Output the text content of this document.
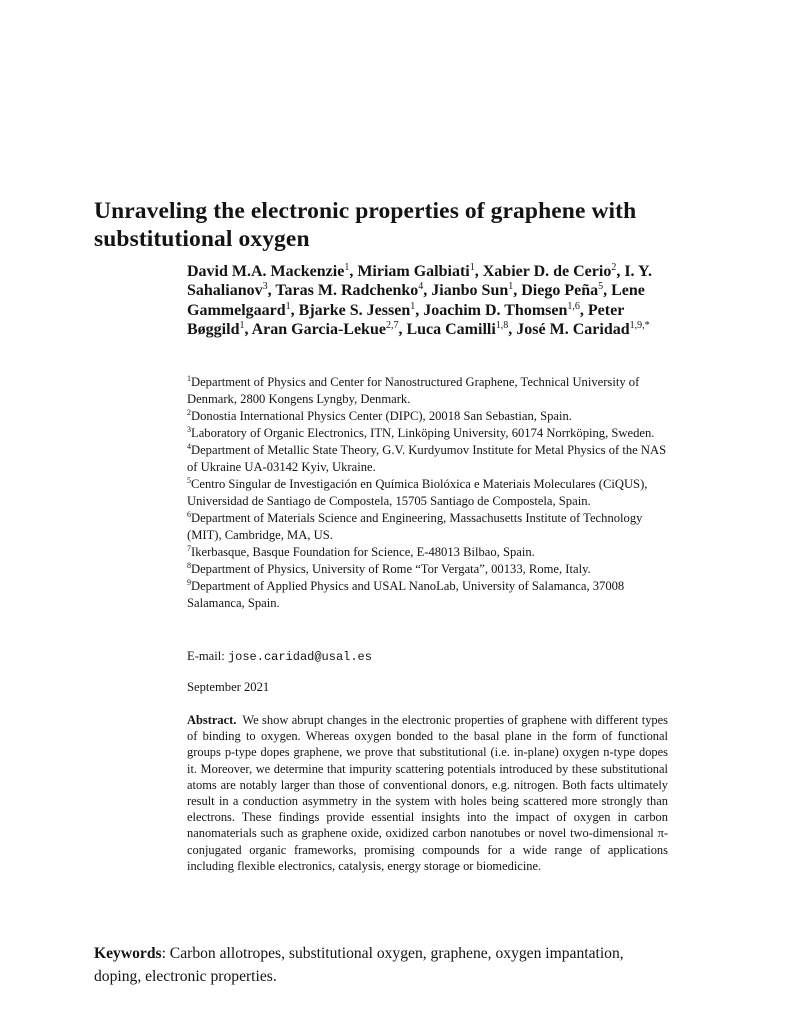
Unraveling the electronic properties of graphene with substitutional oxygen
David M.A. Mackenzie$^1$, Miriam Galbiati$^1$, Xabier D. de Cerio$^2$, I. Y. Sahalianov$^3$, Taras M. Radchenko$^4$, Jianbo Sun$^1$, Diego Peña$^5$, Lene Gammelgaard$^1$, Bjarke S. Jessen$^1$, Joachim D. Thomsen$^{1,6}$, Peter Bøggild$^1$, Aran Garcia-Lekue$^{2,7}$, Luca Camilli$^{1,8}$, José M. Caridad$^{1,9,*}$
$^1$Department of Physics and Center for Nanostructured Graphene, Technical University of Denmark, 2800 Kongens Lyngby, Denmark.
$^2$Donostia International Physics Center (DIPC), 20018 San Sebastian, Spain.
$^3$Laboratory of Organic Electronics, ITN, Linköping University, 60174 Norrköping, Sweden.
$^4$Department of Metallic State Theory, G.V. Kurdyumov Institute for Metal Physics of the NAS of Ukraine UA-03142 Kyiv, Ukraine.
$^5$Centro Singular de Investigación en Química Biolóxica e Materiais Moleculares (CiQUS), Universidad de Santiago de Compostela, 15705 Santiago de Compostela, Spain.
$^6$Department of Materials Science and Engineering, Massachusetts Institute of Technology (MIT), Cambridge, MA, US.
$^7$Ikerbasque, Basque Foundation for Science, E-48013 Bilbao, Spain.
$^8$Department of Physics, University of Rome “Tor Vergata”, 00133, Rome, Italy.
$^9$Department of Applied Physics and USAL NanoLab, University of Salamanca, 37008 Salamanca, Spain.
E-mail: jose.caridad@usal.es
September 2021
Abstract. We show abrupt changes in the electronic properties of graphene with different types of binding to oxygen. Whereas oxygen bonded to the basal plane in the form of functional groups p-type dopes graphene, we prove that substitutional (i.e. in-plane) oxygen n-type dopes it. Moreover, we determine that impurity scattering potentials introduced by these substitutional atoms are notably larger than those of conventional donors, e.g. nitrogen. Both facts ultimately result in a conduction asymmetry in the system with holes being scattered more strongly than electrons. These findings provide essential insights into the impact of oxygen in carbon nanomaterials such as graphene oxide, oxidized carbon nanotubes or novel two-dimensional π-conjugated organic frameworks, promising compounds for a wide range of applications including flexible electronics, catalysis, energy storage or biomedicine.
Keywords: Carbon allotropes, substitutional oxygen, graphene, oxygen impantation, doping, electronic properties.
